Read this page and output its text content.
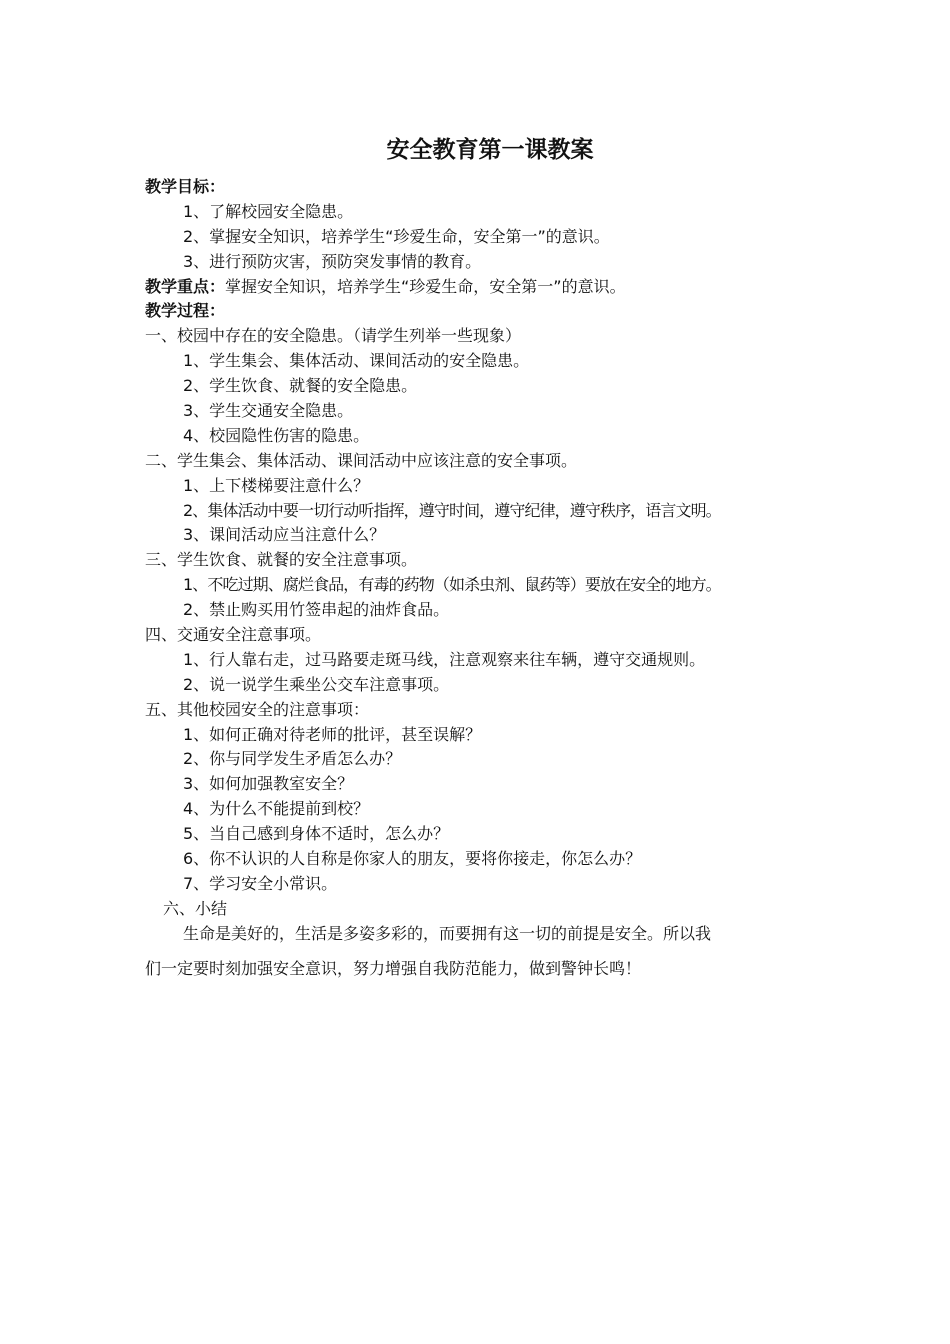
安全教育第一课教案
教学目标：
1、了解校园安全隐患。
2、掌握安全知识，培养学生“珍爱生命，安全第一”的意识。
3、进行预防灾害，预防突发事情的教育。
教学重点：掌握安全知识，培养学生“珍爱生命，安全第一”的意识。
教学过程：
一、校园中存在的安全隐患。（请学生列举一些现象）
1、学生集会、集体活动、课间活动的安全隐患。
2、学生饮食、就餐的安全隐患。
3、学生交通安全隐患。
4、校园隐性伤害的隐患。
二、学生集会、集体活动、课间活动中应该注意的安全事项。
1、上下楼梯要注意什么？
2、集体活动中要一切行动听指挥，遵守时间，遵守纪律，遵守秩序，语言文明。
3、课间活动应当注意什么？
三、学生饮食、就餐的安全注意事项。
1、不吃过期、腐烂食品，有毒的药物（如杀虫剂、鼠药等）要放在安全的地方。
2、禁止购买用竹签串起的油炸食品。
四、交通安全注意事项。
1、行人靠右走，过马路要走斑马线，注意观察来往车辆，遵守交通规则。
2、说一说学生乘坐公交车注意事项。
五、其他校园安全的注意事项：
1、如何正确对待老师的批评，甚至误解？
2、你与同学发生矛盾怎么办？
3、如何加强教室安全？
4、为什么不能提前到校？
5、当自己感到身体不适时，怎么办？
6、你不认识的人自称是你家人的朋友，要将你接走，你怎么办？
7、学习安全小常识。
六、小结
生命是美好的，生活是多姿多彩的，而要拥有这一切的前提是安全。所以我
们一定要时刻加强安全意识，努力增强自我防范能力，做到警钟长鸣！
